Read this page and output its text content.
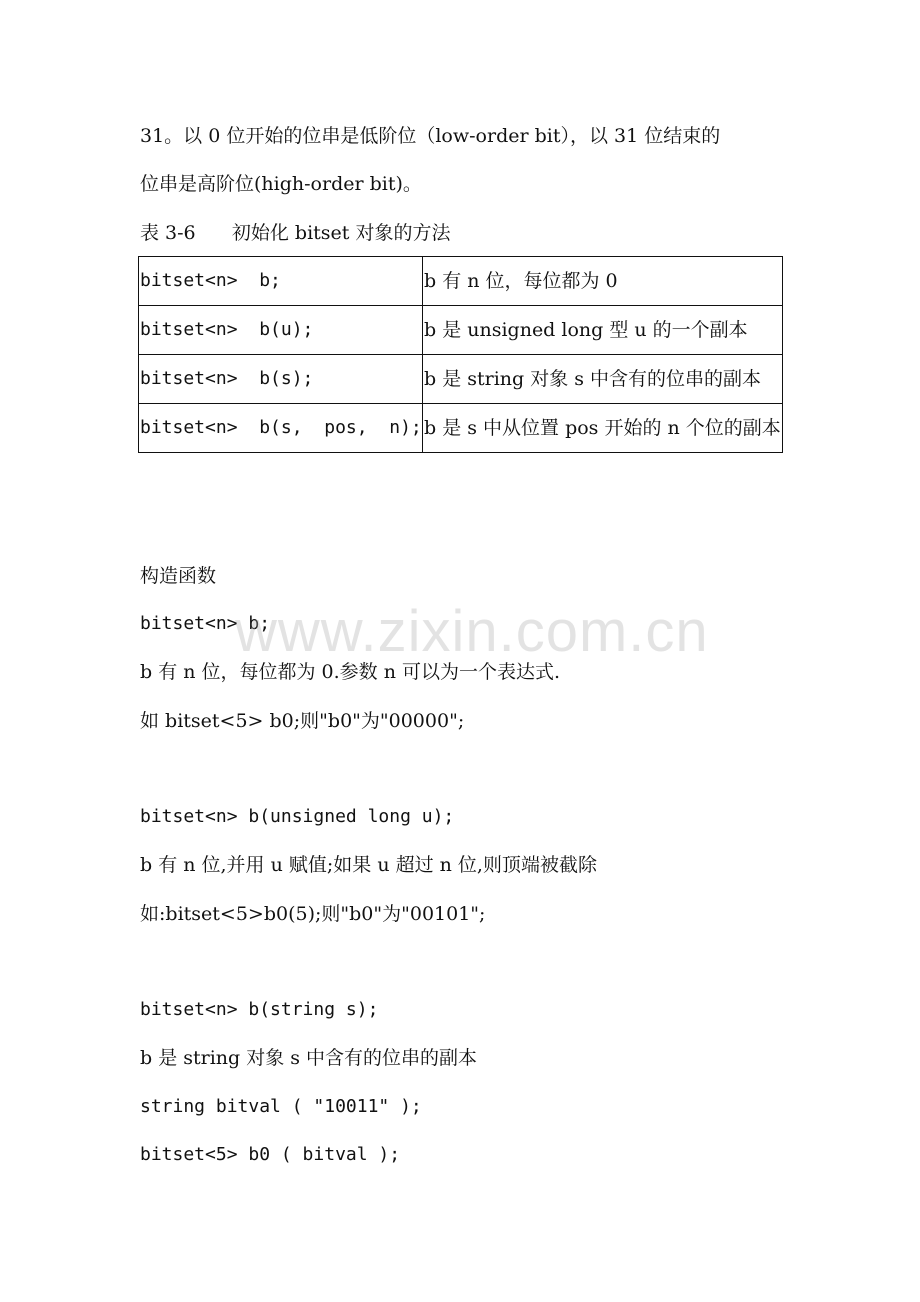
31。以 0 位开始的位串是低阶位（low-order bit），以 31 位结束的
位串是高阶位(high-order bit)。
表 3-6      初始化 bitset 对象的方法
bitset<n>  b;	b 有 n 位，每位都为 0
bitset<n>  b(u);	b 是 unsigned long 型 u 的一个副本
bitset<n>  b(s);	b 是 string 对象 s 中含有的位串的副本
bitset<n>  b(s,  pos,  n);	b 是 s 中从位置 pos 开始的 n 个位的副本
构造函数
bitset<n> b;
b 有 n 位，每位都为 0.参数 n 可以为一个表达式.
如 bitset<5> b0;则"b0"为"00000";
bitset<n> b(unsigned long u);
b 有 n 位,并用 u 赋值;如果 u 超过 n 位,则顶端被截除
如:bitset<5>b0(5);则"b0"为"00101";
bitset<n> b(string s);
b 是 string 对象 s 中含有的位串的副本
string bitval ( "10011" );
bitset<5> b0 ( bitval );
www.zixin.com.cn
